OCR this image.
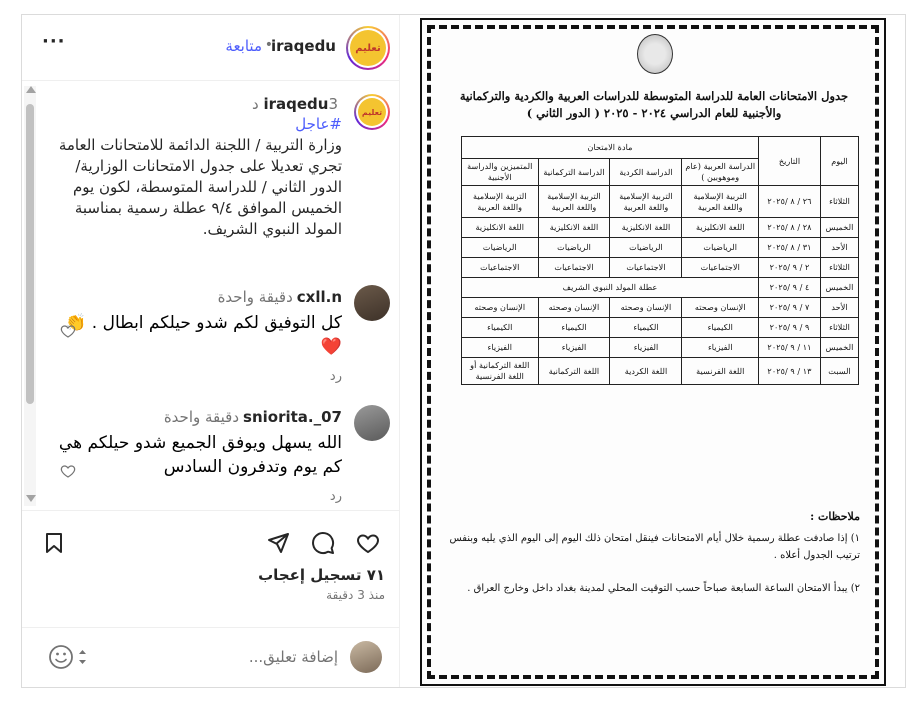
تعليم
iraqedu
•
متابعة
···
تعليم
iraqedu3 د
#عاجل
وزارة التربية / اللجنة الدائمة للامتحانات العامة تجري تعديلا على جدول الامتحانات الوزارية/ الدور الثاني / للدراسة المتوسطة، لكون يوم الخميس الموافق ٩/٤ عطلة رسمية بمناسبة المولد النبوي الشريف.
cxll.nدقيقة واحدة
كل التوفيق لكم شدو حيلكم ابطال . 👏❤️
رد
07_.snioritaدقيقة واحدة
الله يسهل ويوفق الجميع شدو حيلكم هي كم يوم وتدفرون السادس
رد
٧١ تسجيل إعجاب
منذ 3 دقيقة
إضافة تعليق...
جدول الامتحانات العامة للدراسة المتوسطة للدراسات العربية والكردية والتركمانية والأجنبية للعام الدراسي ٢٠٢٤ - ٢٠٢٥ ( الدور الثاني )
اليوم	التاريخ	مادة الامتحان			
		الدراسة العربية (عام وموهوبين )	الدراسة الكردية	الدراسة التركمانية	المتميزين والدراسة الأجنبية
الثلاثاء	٢٦ / ٨ /٢٠٢٥	التربية الإسلامية واللغة العربية	التربية الإسلامية واللغة العربية	التربية الإسلامية واللغة العربية	التربية الإسلامية واللغة العربية
الخميس	٢٨ / ٨ /٢٠٢٥	اللغة الانكليزية	اللغة الانكليزية	اللغة الانكليزية	اللغة الانكليزية
الأحد	٣١ / ٨ /٢٠٢٥	الرياضيات	الرياضيات	الرياضيات	الرياضيات
الثلاثاء	٢ / ٩ /٢٠٢٥	الاجتماعيات	الاجتماعيات	الاجتماعيات	الاجتماعيات
الخميس	٤ / ٩ /٢٠٢٥	عطلة المولد النبوي الشريف			
الأحد	٧ / ٩ /٢٠٢٥	الإنسان وصحته	الإنسان وصحته	الإنسان وصحته	الإنسان وصحته
الثلاثاء	٩ / ٩ /٢٠٢٥	الكيمياء	الكيمياء	الكيمياء	الكيمياء
الخميس	١١ / ٩ /٢٠٢٥	الفيزياء	الفيزياء	الفيزياء	الفيزياء
السبت	١٣ / ٩ /٢٠٢٥	اللغة الفرنسية	اللغة الكردية	اللغة التركمانية	اللغة التركمانية أو اللغة الفرنسية
ملاحظات :
١) إذا صادفت عطلة رسمية خلال أيام الامتحانات فينقل امتحان ذلك اليوم إلى اليوم الذي يليه وبنفس ترتيب الجدول أعلاه .
٢) يبدأ الامتحان الساعة السابعة صباحاً حسب التوقيت المحلي لمدينة بغداد داخل وخارج العراق .
